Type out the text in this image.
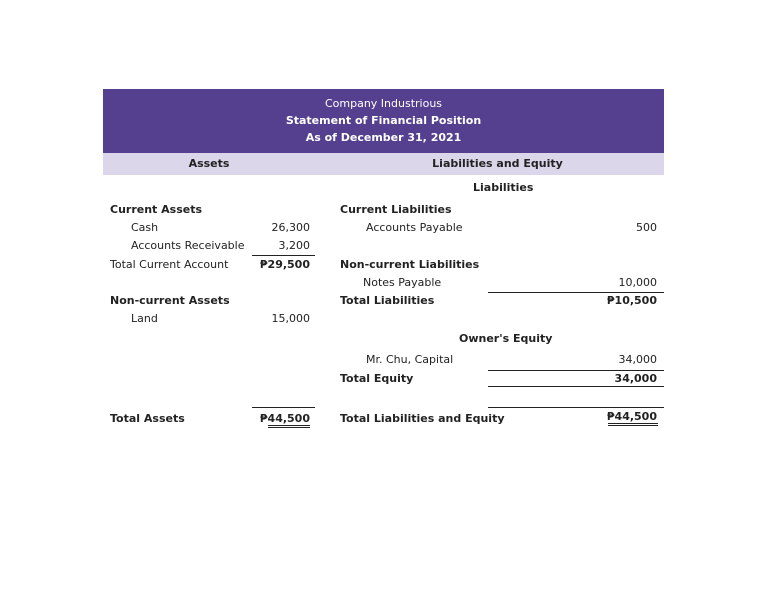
Company Industrious
Statement of Financial Position
As of December 31, 2021
Assets	Liabilities and Equity
Current Assets
Cash	26,300
Accounts Receivable	3,200
Total Current Account	₱29,500
Non-current Assets
Land	15,000
Total Assets	₱44,500
Liabilities
Current Liabilities
Accounts Payable	500
Non-current Liabilities
Notes Payable	10,000
Total Liabilities	₱10,500
Owner's Equity
Mr. Chu, Capital	34,000
Total Equity	34,000
Total Liabilities and Equity	₱44,500
